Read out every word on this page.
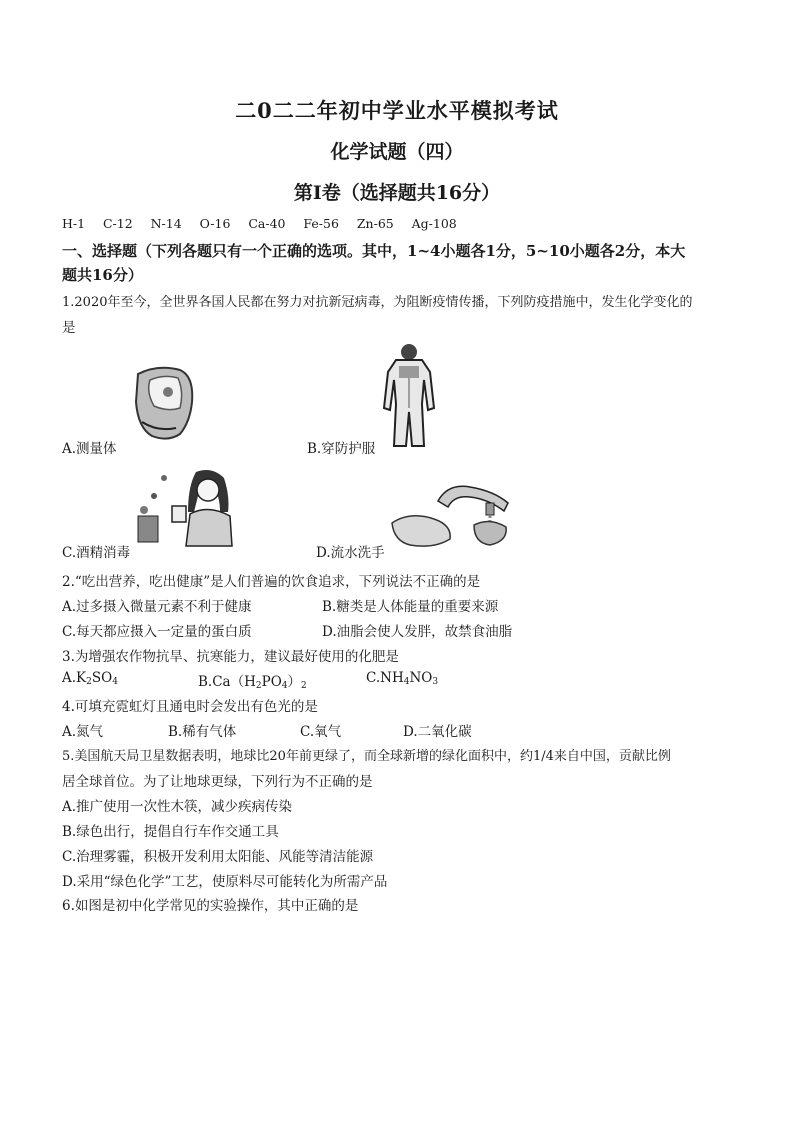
二0二二年初中学业水平模拟考试
化学试题（四）
第I卷（选择题共16分）
H-1   C-12   N-14   O-16   Ca-40   Fe-56   Zn-65   Ag-108
一、选择题（下列各题只有一个正确的选项。其中，1~4小题各1分，5~10小题各2分，本大
题共16分）
1.2020年至今，全世界各国人民都在努力对抗新冠病毒，为阻断疫情传播，下列防疫措施中，发生化学变化的
是
A.测量体	B.穿防护服
C.酒精消毒	D.流水洗手
2.“吃出营养，吃出健康”是人们普遍的饮食追求，下列说法不正确的是
A.过多摄入微量元素不利于健康	B.糖类是人体能量的重要来源
C.每天都应摄入一定量的蛋白质	D.油脂会使人发胖，故禁食油脂
3.为增强农作物抗旱、抗寒能力，建议最好使用的化肥是
$A.K_2SO_4$	$B.Ca(H_2PO_4)_2$	$C.NH_4NO_3$
4.可填充霓虹灯且通电时会发出有色光的是
A.氮气	B.稀有气体	C.氧气	D.二氧化碳
5.美国航天局卫星数据表明，地球比20年前更绿了，而全球新增的绿化面积中，约1/4来自中国，贡献比例
居全球首位。为了让地球更绿，下列行为不正确的是
A.推广使用一次性木筷，减少疾病传染
B.绿色出行，提倡自行车作交通工具
C.治理雾霾，积极开发利用太阳能、风能等清洁能源
D.采用“绿色化学”工艺，使原料尽可能转化为所需产品
6.如图是初中化学常见的实验操作，其中正确的是
